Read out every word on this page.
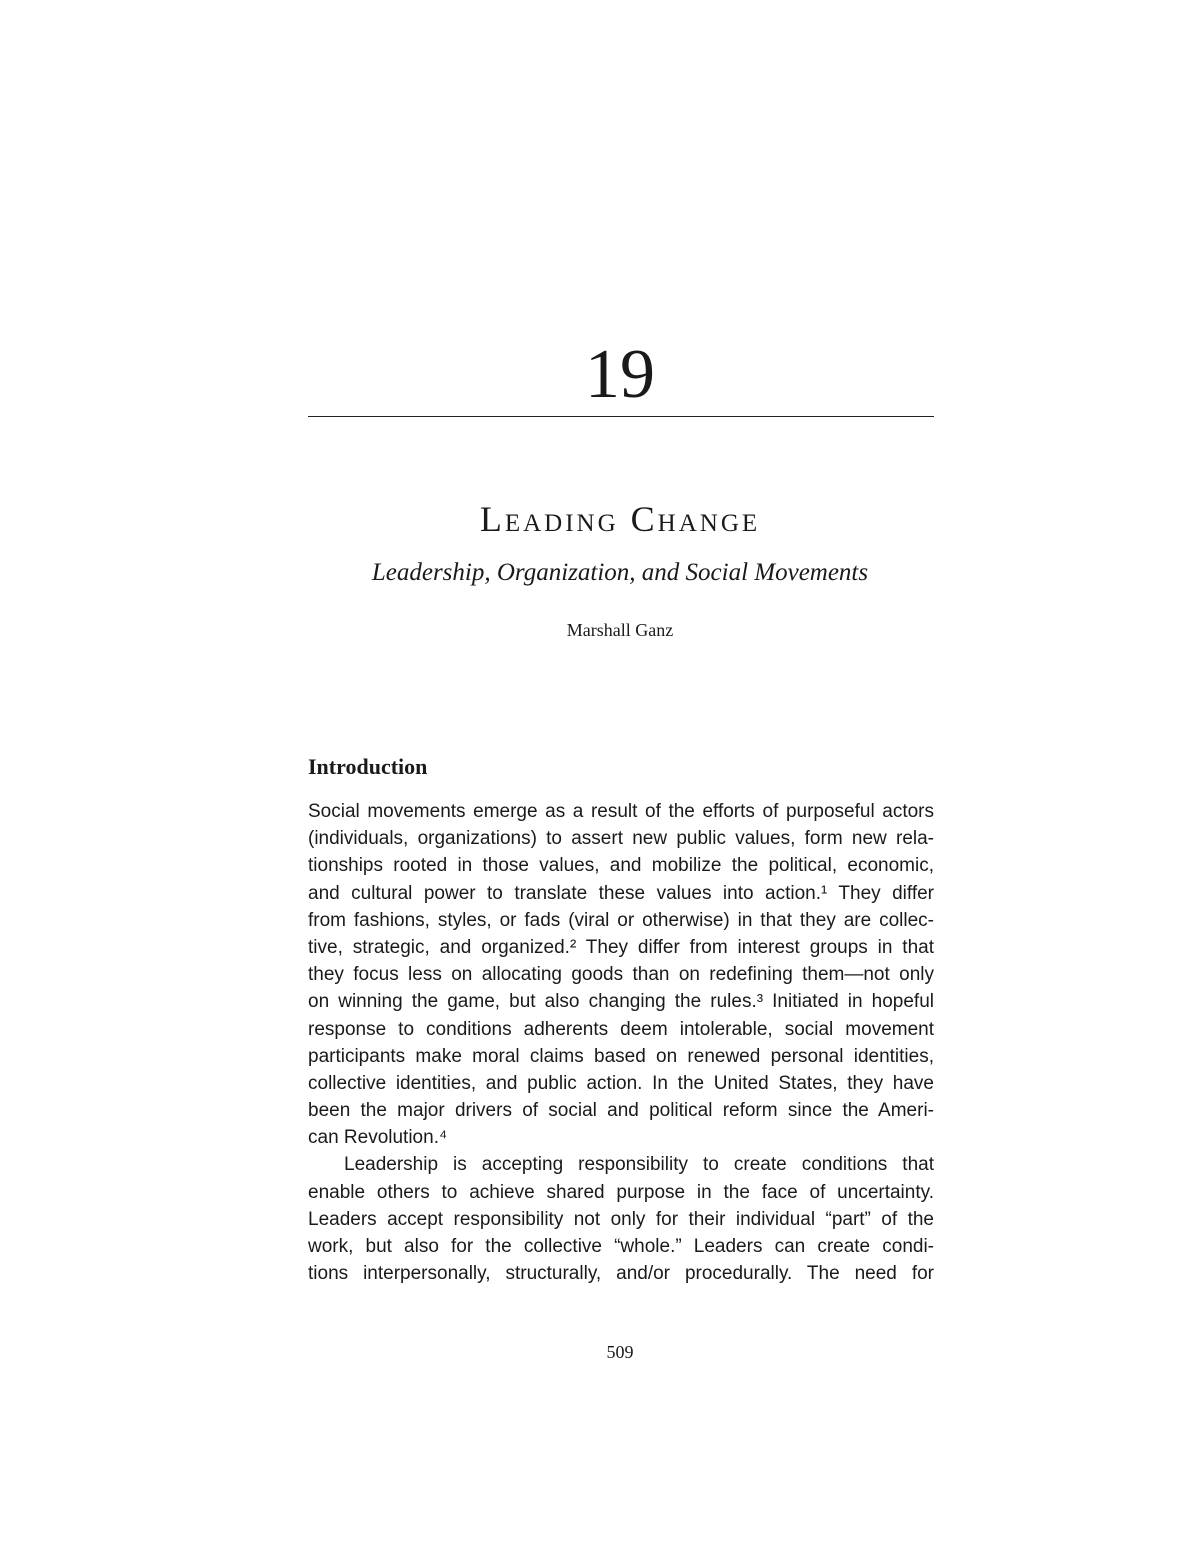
19
Leading Change
Leadership, Organization, and Social Movements
Marshall Ganz
Introduction
Social movements emerge as a result of the efforts of purposeful actors
(individuals, organizations) to assert new public values, form new rela-
tionships rooted in those values, and mobilize the political, economic,
and cultural power to translate these values into action.¹ They differ
from fashions, styles, or fads (viral or otherwise) in that they are collec-
tive, strategic, and organized.² They differ from interest groups in that
they focus less on allocating goods than on redefining them—not only
on winning the game, but also changing the rules.³ Initiated in hopeful
response to conditions adherents deem intolerable, social movement
participants make moral claims based on renewed personal identities,
collective identities, and public action. In the United States, they have
been the major drivers of social and political reform since the Ameri-
can Revolution.⁴
Leadership is accepting responsibility to create conditions that
enable others to achieve shared purpose in the face of uncertainty.
Leaders accept responsibility not only for their individual “part” of the
work, but also for the collective “whole.” Leaders can create condi-
tions interpersonally, structurally, and/or procedurally. The need for
509
